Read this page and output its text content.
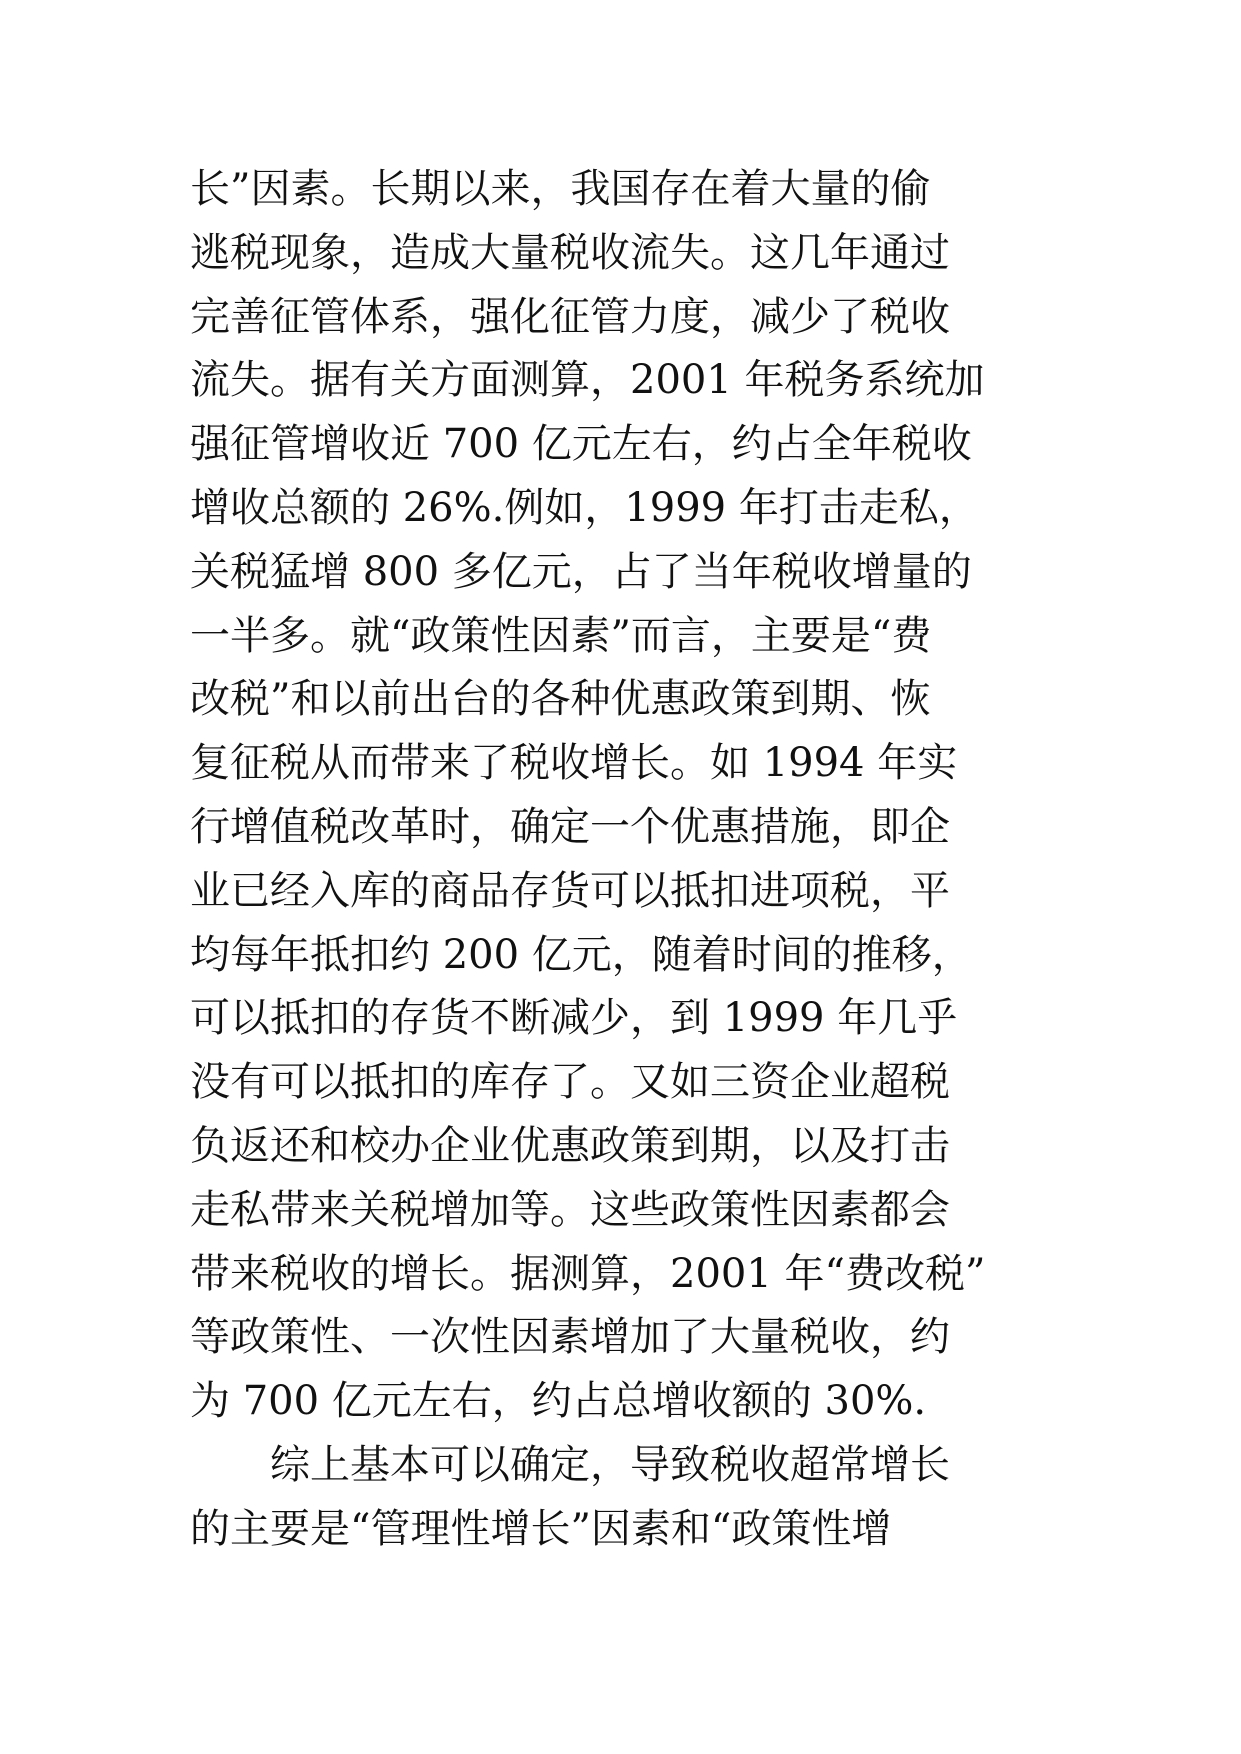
长”因素。长期以来，我国存在着大量的偷
逃税现象，造成大量税收流失。这几年通过
完善征管体系，强化征管力度，减少了税收
流失。据有关方面测算，2001 年税务系统加
强征管增收近 700 亿元左右，约占全年税收
增收总额的 26%.例如，1999 年打击走私，
关税猛增 800 多亿元，占了当年税收增量的
一半多。就“政策性因素”而言，主要是“费
改税”和以前出台的各种优惠政策到期、恢
复征税从而带来了税收增长。如 1994 年实
行增值税改革时，确定一个优惠措施，即企
业已经入库的商品存货可以抵扣进项税，平
均每年抵扣约 200 亿元，随着时间的推移，
可以抵扣的存货不断减少，到 1999 年几乎
没有可以抵扣的库存了。又如三资企业超税
负返还和校办企业优惠政策到期，以及打击
走私带来关税增加等。这些政策性因素都会
带来税收的增长。据测算，2001 年“费改税”
等政策性、一次性因素增加了大量税收，约
为 700 亿元左右，约占总增收额的 30%.
综上基本可以确定，导致税收超常增长
的主要是“管理性增长”因素和“政策性增
